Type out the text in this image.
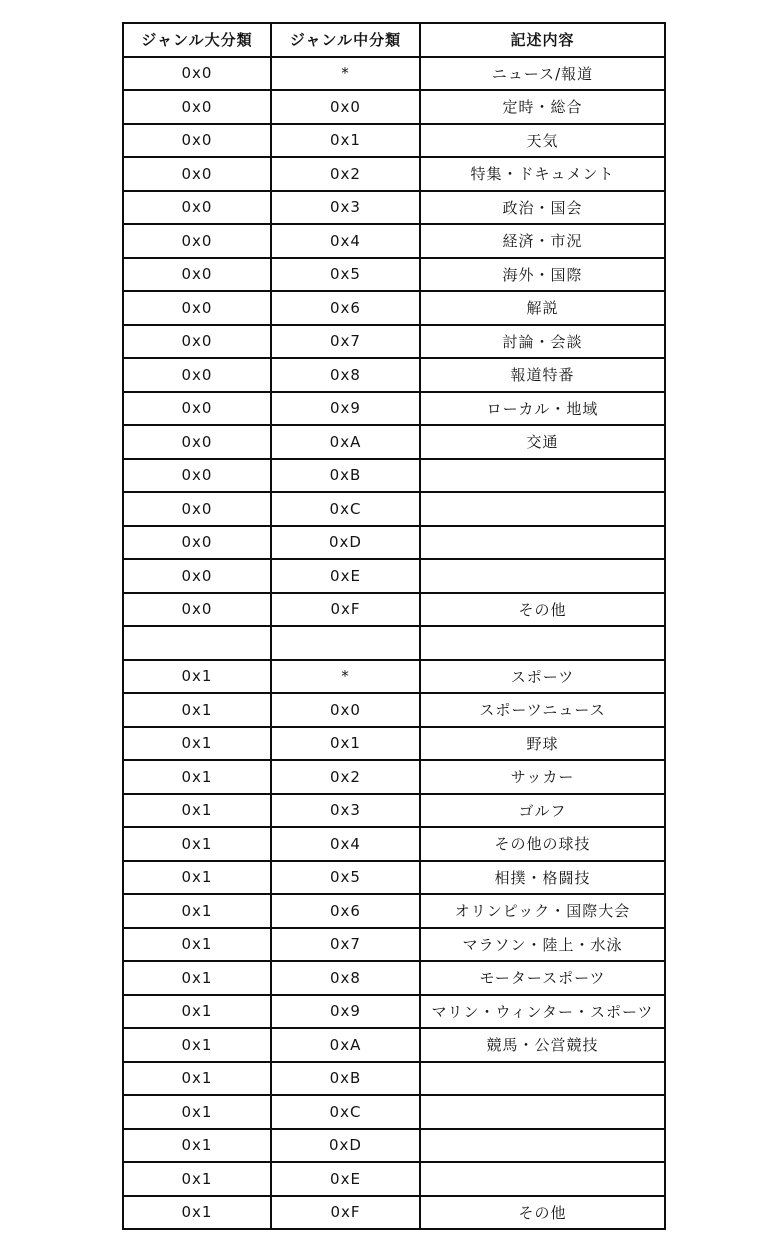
ジャンル大分類	ジャンル中分類	記述内容
0x0	*	ニュース/報道
0x0	0x0	定時・総合
0x0	0x1	天気
0x0	0x2	特集・ドキュメント
0x0	0x3	政治・国会
0x0	0x4	経済・市況
0x0	0x5	海外・国際
0x0	0x6	解説
0x0	0x7	討論・会談
0x0	0x8	報道特番
0x0	0x9	ローカル・地域
0x0	0xA	交通
0x0	0xB	
0x0	0xC	
0x0	0xD	
0x0	0xE	
0x0	0xF	その他

0x1	*	スポーツ
0x1	0x0	スポーツニュース
0x1	0x1	野球
0x1	0x2	サッカー
0x1	0x3	ゴルフ
0x1	0x4	その他の球技
0x1	0x5	相撲・格闘技
0x1	0x6	オリンピック・国際大会
0x1	0x7	マラソン・陸上・水泳
0x1	0x8	モータースポーツ
0x1	0x9	マリン・ウィンター・スポーツ
0x1	0xA	競馬・公営競技
0x1	0xB	
0x1	0xC	
0x1	0xD	
0x1	0xE	
0x1	0xF	その他
